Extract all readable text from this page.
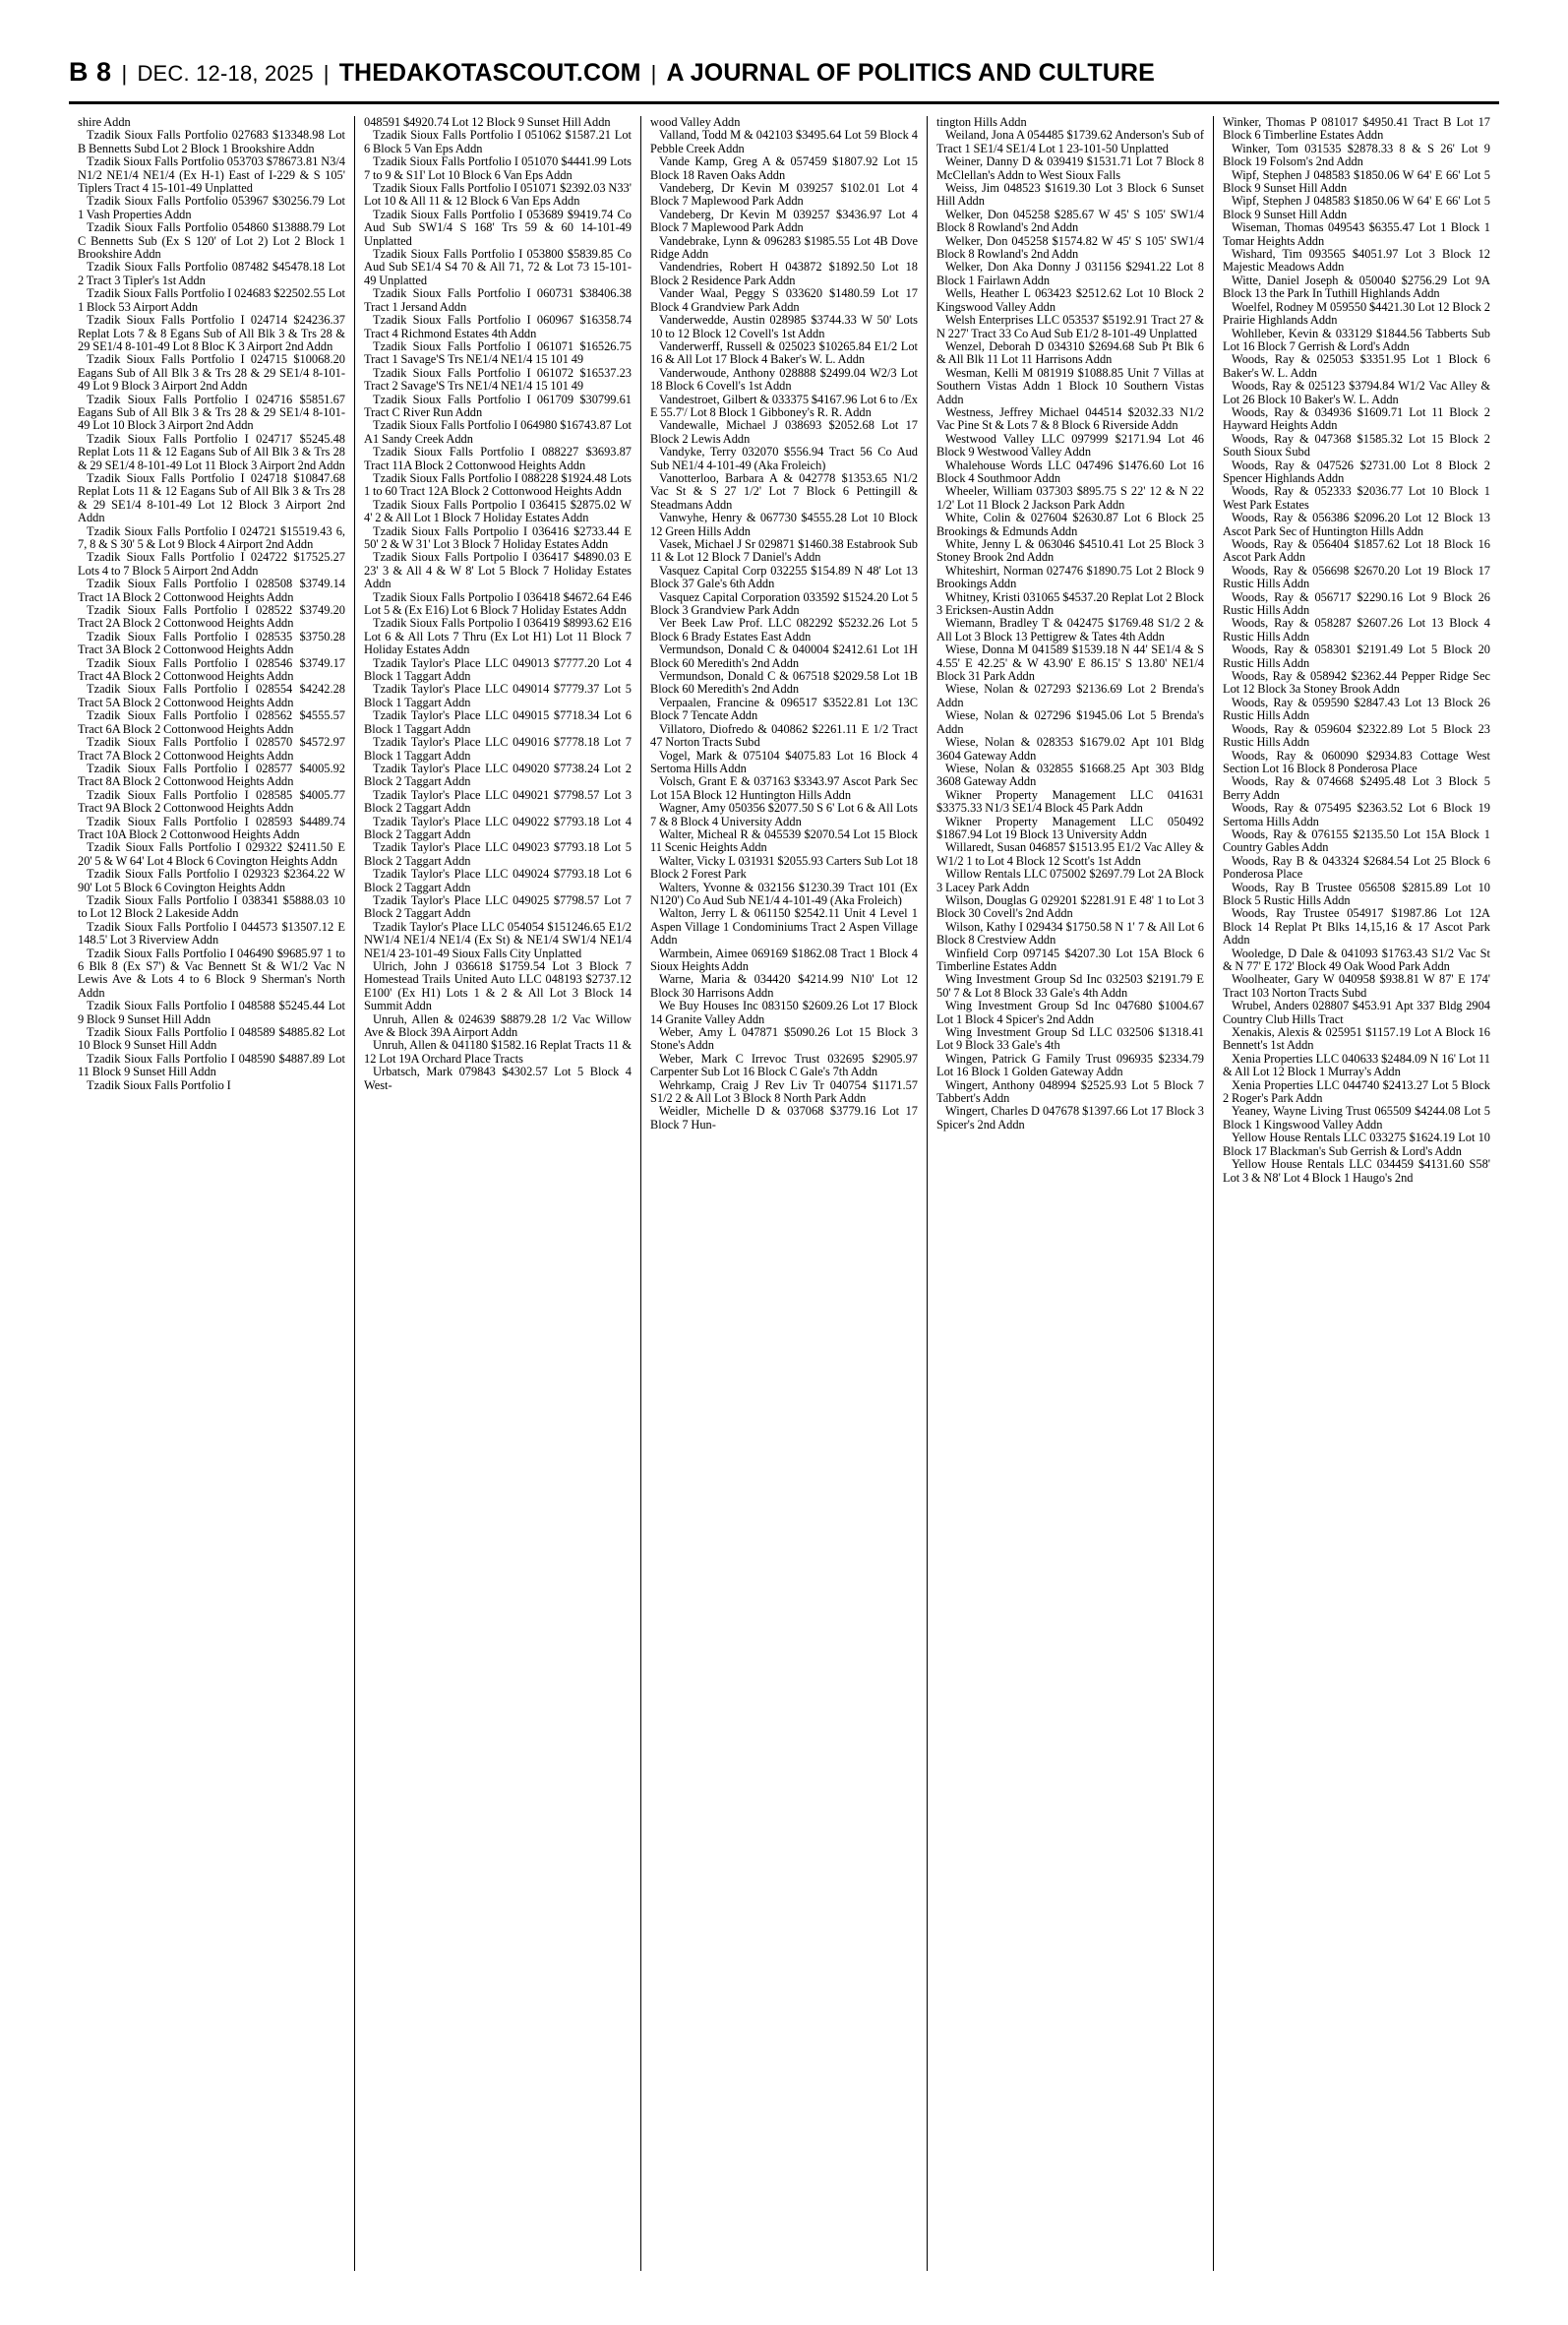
B 8 | DEC. 12-18, 2025 | THEDAKOTASCOUT.COM | A JOURNAL OF POLITICS AND CULTURE

shire Addn

Tzadik Sioux Falls Portfolio 027683 $13348.98 Lot B Bennetts Subd Lot 2 Block 1 Brookshire Addn

Tzadik Sioux Falls Portfolio 053703 $78673.81 N3/4 N1/2 NE1/4 NE1/4 (Ex H-1) East of I-229 & S 105' Tiplers Tract 4 15-101-49 Unplatted

Tzadik Sioux Falls Portfolio 053967 $30256.79 Lot 1 Vash Properties Addn

Tzadik Sioux Falls Portfolio 054860 $13888.79 Lot C Bennetts Sub (Ex S 120' of Lot 2) Lot 2 Block 1 Brookshire Addn

Tzadik Sioux Falls Portfolio 087482 $45478.18 Lot 2 Tract 3 Tipler's 1st Addn

Tzadik Sioux Falls Portfolio I 024683 $22502.55 Lot 1 Block 53 Airport Addn

Tzadik Sioux Falls Portfolio I 024714 $24236.37 Replat Lots 7 & 8 Egans Sub of All Blk 3 & Trs 28 & 29 SE1/4 8-101-49 Lot 8 Bloc K 3 Airport 2nd Addn

Tzadik Sioux Falls Portfolio I 024715 $10068.20 Eagans Sub of All Blk 3 & Trs 28 & 29 SE1/4 8-101-49 Lot 9 Block 3 Airport 2nd Addn

Tzadik Sioux Falls Portfolio I 024716 $5851.67 Eagans Sub of All Blk 3 & Trs 28 & 29 SE1/4 8-101-49 Lot 10 Block 3 Airport 2nd Addn

Tzadik Sioux Falls Portfolio I 024717 $5245.48 Replat Lots 11 & 12 Eagans Sub of All Blk 3 & Trs 28 & 29 SE1/4 8-101-49 Lot 11 Block 3 Airport 2nd Addn

Tzadik Sioux Falls Portfolio I 024718 $10847.68 Replat Lots 11 & 12 Eagans Sub of All Blk 3 & Trs 28 & 29 SE1/4 8-101-49 Lot 12 Block 3 Airport 2nd Addn

Tzadik Sioux Falls Portfolio I 024721 $15519.43 6, 7, 8 & S 30' 5 & Lot 9 Block 4 Airport 2nd Addn

Tzadik Sioux Falls Portfolio I 024722 $17525.27 Lots 4 to 7 Block 5 Airport 2nd Addn

Tzadik Sioux Falls Portfolio I 028508 $3749.14 Tract 1A Block 2 Cottonwood Heights Addn

Tzadik Sioux Falls Portfolio I 028522 $3749.20 Tract 2A Block 2 Cottonwood Heights Addn

Tzadik Sioux Falls Portfolio I 028535 $3750.28 Tract 3A Block 2 Cottonwood Heights Addn

Tzadik Sioux Falls Portfolio I 028546 $3749.17 Tract 4A Block 2 Cottonwood Heights Addn

Tzadik Sioux Falls Portfolio I 028554 $4242.28 Tract 5A Block 2 Cottonwood Heights Addn

Tzadik Sioux Falls Portfolio I 028562 $4555.57 Tract 6A Block 2 Cottonwood Heights Addn

Tzadik Sioux Falls Portfolio I 028570 $4572.97 Tract 7A Block 2 Cottonwood Heights Addn

Tzadik Sioux Falls Portfolio I 028577 $4005.92 Tract 8A Block 2 Cottonwood Heights Addn

Tzadik Sioux Falls Portfolio I 028585 $4005.77 Tract 9A Block 2 Cottonwood Heights Addn

Tzadik Sioux Falls Portfolio I 028593 $4489.74 Tract 10A Block 2 Cottonwood Heights Addn

Tzadik Sioux Falls Portfolio I 029322 $2411.50 E 20' 5 & W 64' Lot 4 Block 6 Covington Heights Addn

Tzadik Sioux Falls Portfolio I 029323 $2364.22 W 90' Lot 5 Block 6 Covington Heights Addn

Tzadik Sioux Falls Portfolio I 038341 $5888.03 10 to Lot 12 Block 2 Lakeside Addn

Tzadik Sioux Falls Portfolio I 044573 $13507.12 E 148.5' Lot 3 Riverview Addn

Tzadik Sioux Falls Portfolio I 046490 $9685.97 1 to 6 Blk 8 (Ex S7') & Vac Bennett St & W1/2 Vac N Lewis Ave & Lots 4 to 6 Block 9 Sherman's North Addn

Tzadik Sioux Falls Portfolio I 048588 $5245.44 Lot 9 Block 9 Sunset Hill Addn

Tzadik Sioux Falls Portfolio I 048589 $4885.82 Lot 10 Block 9 Sunset Hill Addn

Tzadik Sioux Falls Portfolio I 048590 $4887.89 Lot 11 Block 9 Sunset Hill Addn

Tzadik Sioux Falls Portfolio I

048591 $4920.74 Lot 12 Block 9 Sunset Hill Addn

Tzadik Sioux Falls Portfolio I 051062 $1587.21 Lot 6 Block 5 Van Eps Addn

Tzadik Sioux Falls Portfolio I 051070 $4441.99 Lots 7 to 9 & S1I' Lot 10 Block 6 Van Eps Addn

Tzadik Sioux Falls Portfolio I 051071 $2392.03 N33' Lot 10 & All 11 & 12 Block 6 Van Eps Addn

Tzadik Sioux Falls Portfolio I 053689 $9419.74 Co Aud Sub SW1/4 S 168' Trs 59 & 60 14-101-49 Unplatted

Tzadik Sioux Falls Portfolio I 053800 $5839.85 Co Aud Sub SE1/4 S4 70 & All 71, 72 & Lot 73 15-101-49 Unplatted

Tzadik Sioux Falls Portfolio I 060731 $38406.38 Tract 1 Jersand Addn

Tzadik Sioux Falls Portfolio I 060967 $16358.74 Tract 4 Richmond Estates 4th Addn

Tzadik Sioux Falls Portfolio I 061071 $16526.75 Tract 1 Savage'S Trs NE1/4 NE1/4 15 101 49

Tzadik Sioux Falls Portfolio I 061072 $16537.23 Tract 2 Savage'S Trs NE1/4 NE1/4 15 101 49

Tzadik Sioux Falls Portfolio I 061709 $30799.61 Tract C River Run Addn

Tzadik Sioux Falls Portfolio I 064980 $16743.87 Lot A1 Sandy Creek Addn

Tzadik Sioux Falls Portfolio I 088227 $3693.87 Tract 11A Block 2 Cottonwood Heights Addn

Tzadik Sioux Falls Portfolio I 088228 $1924.48 Lots 1 to 60 Tract 12A Block 2 Cottonwood Heights Addn

Tzadik Sioux Falls Portpolio I 036415 $2875.02 W 4' 2 & All Lot 1 Block 7 Holiday Estates Addn

Tzadik Sioux Falls Portpolio I 036416 $2733.44 E 50' 2 & W 31' Lot 3 Block 7 Holiday Estates Addn

Tzadik Sioux Falls Portpolio I 036417 $4890.03 E 23' 3 & All 4 & W 8' Lot 5 Block 7 Holiday Estates Addn

Tzadik Sioux Falls Portpolio I 036418 $4672.64 E46 Lot 5 & (Ex E16) Lot 6 Block 7 Holiday Estates Addn

Tzadik Sioux Falls Portpolio I 036419 $8993.62 E16 Lot 6 & All Lots 7 Thru (Ex Lot H1) Lot 11 Block 7 Holiday Estates Addn

Tzadik Taylor's Place LLC 049013 $7777.20 Lot 4 Block 1 Taggart Addn

Tzadik Taylor's Place LLC 049014 $7779.37 Lot 5 Block 1 Taggart Addn

Tzadik Taylor's Place LLC 049015 $7718.34 Lot 6 Block 1 Taggart Addn

Tzadik Taylor's Place LLC 049016 $7778.18 Lot 7 Block 1 Taggart Addn

Tzadik Taylor's Place LLC 049020 $7738.24 Lot 2 Block 2 Taggart Addn

Tzadik Taylor's Place LLC 049021 $7798.57 Lot 3 Block 2 Taggart Addn

Tzadik Taylor's Place LLC 049022 $7793.18 Lot 4 Block 2 Taggart Addn

Tzadik Taylor's Place LLC 049023 $7793.18 Lot 5 Block 2 Taggart Addn

Tzadik Taylor's Place LLC 049024 $7793.18 Lot 6 Block 2 Taggart Addn

Tzadik Taylor's Place LLC 049025 $7798.57 Lot 7 Block 2 Taggart Addn

Tzadik Taylor's Place LLC 054054 $151246.65 E1/2 NW1/4 NE1/4 NE1/4 (Ex St) & NE1/4 SW1/4 NE1/4 NE1/4 23-101-49 Sioux Falls City Unplatted

Ulrich, John J 036618 $1759.54 Lot 3 Block 7 Homestead Trails United Auto LLC 048193 $2737.12 E100' (Ex H1) Lots 1 & 2 & All Lot 3 Block 14 Summit Addn

Unruh, Allen & 024639 $8879.28 1/2 Vac Willow Ave & Block 39A Airport Addn

Unruh, Allen & 041180 $1582.16 Replat Tracts 11 & 12 Lot 19A Orchard Place Tracts

Urbatsch, Mark 079843 $4302.57 Lot 5 Block 4 West-

wood Valley Addn

Valland, Todd M & 042103 $3495.64 Lot 59 Block 4 Pebble Creek Addn

Vande Kamp, Greg A & 057459 $1807.92 Lot 15 Block 18 Raven Oaks Addn

Vandeberg, Dr Kevin M 039257 $102.01 Lot 4 Block 7 Maplewood Park Addn

Vandeberg, Dr Kevin M 039257 $3436.97 Lot 4 Block 7 Maplewood Park Addn

Vandebrake, Lynn & 096283 $1985.55 Lot 4B Dove Ridge Addn

Vandendries, Robert H 043872 $1892.50 Lot 18 Block 2 Residence Park Addn

Vander Waal, Peggy S 033620 $1480.59 Lot 17 Block 4 Grandview Park Addn

Vanderwedde, Austin 028985 $3744.33 W 50' Lots 10 to 12 Block 12 Covell's 1st Addn

Vanderwerff, Russell & 025023 $10265.84 E1/2 Lot 16 & All Lot 17 Block 4 Baker's W. L. Addn

Vanderwoude, Anthony 028888 $2499.04 W2/3 Lot 18 Block 6 Covell's 1st Addn

Vandestroet, Gilbert & 033375 $4167.96 Lot 6 to /Ex E 55.7'/ Lot 8 Block 1 Gibboney's R. R. Addn

Vandewalle, Michael J 038693 $2052.68 Lot 17 Block 2 Lewis Addn

Vandyke, Terry 032070 $556.94 Tract 56 Co Aud Sub NE1/4 4-101-49 (Aka Froleich)

Vanotterloo, Barbara A & 042778 $1353.65 N1/2 Vac St & S 27 1/2' Lot 7 Block 6 Pettingill & Steadmans Addn

Vanwyhe, Henry & 067730 $4555.28 Lot 10 Block 12 Green Hills Addn

Vasek, Michael J Sr 029871 $1460.38 Estabrook Sub 11 & Lot 12 Block 7 Daniel's Addn

Vasquez Capital Corp 032255 $154.89 N 48' Lot 13 Block 37 Gale's 6th Addn

Vasquez Capital Corporation 033592 $1524.20 Lot 5 Block 3 Grandview Park Addn

Ver Beek Law Prof. LLC 082292 $5232.26 Lot 5 Block 6 Brady Estates East Addn

Vermundson, Donald C & 040004 $2412.61 Lot 1H Block 60 Meredith's 2nd Addn

Vermundson, Donald C & 067518 $2029.58 Lot 1B Block 60 Meredith's 2nd Addn

Verpaalen, Francine & 096517 $3522.81 Lot 13C Block 7 Tencate Addn

Villatoro, Diofredo & 040862 $2261.11 E 1/2 Tract 47 Norton Tracts Subd

Vogel, Mark & 075104 $4075.83 Lot 16 Block 4 Sertoma Hills Addn

Volsch, Grant E & 037163 $3343.97 Ascot Park Sec Lot 15A Block 12 Huntington Hills Addn

Wagner, Amy 050356 $2077.50 S 6' Lot 6 & All Lots 7 & 8 Block 4 University Addn

Walter, Micheal R & 045539 $2070.54 Lot 15 Block 11 Scenic Heights Addn

Walter, Vicky L 031931 $2055.93 Carters Sub Lot 18 Block 2 Forest Park

Walters, Yvonne & 032156 $1230.39 Tract 101 (Ex N120') Co Aud Sub NE1/4 4-101-49 (Aka Froleich)

Walton, Jerry L & 061150 $2542.11 Unit 4 Level 1 Aspen Village 1 Condominiums Tract 2 Aspen Village Addn

Warmbein, Aimee 069169 $1862.08 Tract 1 Block 4 Sioux Heights Addn

Warne, Maria & 034420 $4214.99 N10' Lot 12 Block 30 Harrisons Addn

We Buy Houses Inc 083150 $2609.26 Lot 17 Block 14 Granite Valley Addn

Weber, Amy L 047871 $5090.26 Lot 15 Block 3 Stone's Addn

Weber, Mark C Irrevoc Trust 032695 $2905.97 Carpenter Sub Lot 16 Block C Gale's 7th Addn

Wehrkamp, Craig J Rev Liv Tr 040754 $1171.57 S1/2 2 & All Lot 3 Block 8 North Park Addn

Weidler, Michelle D & 037068 $3779.16 Lot 17 Block 7 Hun-

tington Hills Addn

Weiland, Jona A 054485 $1739.62 Anderson's Sub of Tract 1 SE1/4 SE1/4 Lot 1 23-101-50 Unplatted

Weiner, Danny D & 039419 $1531.71 Lot 7 Block 8 McClellan's Addn to West Sioux Falls

Weiss, Jim 048523 $1619.30 Lot 3 Block 6 Sunset Hill Addn

Welker, Don 045258 $285.67 W 45' S 105' SW1/4 Block 8 Rowland's 2nd Addn

Welker, Don 045258 $1574.82 W 45' S 105' SW1/4 Block 8 Rowland's 2nd Addn

Welker, Don Aka Donny J 031156 $2941.22 Lot 8 Block 1 Fairlawn Addn

Wells, Heather L 063423 $2512.62 Lot 10 Block 2 Kingswood Valley Addn

Welsh Enterprises LLC 053537 $5192.91 Tract 27 & N 227' Tract 33 Co Aud Sub E1/2 8-101-49 Unplatted

Wenzel, Deborah D 034310 $2694.68 Sub Pt Blk 6 & All Blk 11 Lot 11 Harrisons Addn

Wesman, Kelli M 081919 $1088.85 Unit 7 Villas at Southern Vistas Addn 1 Block 10 Southern Vistas Addn

Westness, Jeffrey Michael 044514 $2032.33 N1/2 Vac Pine St & Lots 7 & 8 Block 6 Riverside Addn

Westwood Valley LLC 097999 $2171.94 Lot 46 Block 9 Westwood Valley Addn

Whalehouse Words LLC 047496 $1476.60 Lot 16 Block 4 Southmoor Addn

Wheeler, William 037303 $895.75 S 22' 12 & N 22 1/2' Lot 11 Block 2 Jackson Park Addn

White, Colin & 027604 $2630.87 Lot 6 Block 25 Brookings & Edmunds Addn

White, Jenny L & 063046 $4510.41 Lot 25 Block 3 Stoney Brook 2nd Addn

Whiteshirt, Norman 027476 $1890.75 Lot 2 Block 9 Brookings Addn

Whitney, Kristi 031065 $4537.20 Replat Lot 2 Block 3 Ericksen-Austin Addn

Wiemann, Bradley T & 042475 $1769.48 S1/2 2 & All Lot 3 Block 13 Pettigrew & Tates 4th Addn

Wiese, Donna M 041589 $1539.18 N 44' SE1/4 & S 4.55' E 42.25' & W 43.90' E 86.15' S 13.80' NE1/4 Block 31 Park Addn

Wiese, Nolan & 027293 $2136.69 Lot 2 Brenda's Addn

Wiese, Nolan & 027296 $1945.06 Lot 5 Brenda's Addn

Wiese, Nolan & 028353 $1679.02 Apt 101 Bldg 3604 Gateway Addn

Wiese, Nolan & 032855 $1668.25 Apt 303 Bldg 3608 Gateway Addn

Wikner Property Management LLC 041631 $3375.33 N1/3 SE1/4 Block 45 Park Addn

Wikner Property Management LLC 050492 $1867.94 Lot 19 Block 13 University Addn

Willaredt, Susan 046857 $1513.95 E1/2 Vac Alley & W1/2 1 to Lot 4 Block 12 Scott's 1st Addn

Willow Rentals LLC 075002 $2697.79 Lot 2A Block 3 Lacey Park Addn

Wilson, Douglas G 029201 $2281.91 E 48' 1 to Lot 3 Block 30 Covell's 2nd Addn

Wilson, Kathy I 029434 $1750.58 N 1' 7 & All Lot 6 Block 8 Crestview Addn

Winfield Corp 097145 $4207.30 Lot 15A Block 6 Timberline Estates Addn

Wing Investment Group Sd Inc 032503 $2191.79 E 50' 7 & Lot 8 Block 33 Gale's 4th Addn

Wing Investment Group Sd Inc 047680 $1004.67 Lot 1 Block 4 Spicer's 2nd Addn

Wing Investment Group Sd LLC 032506 $1318.41 Lot 9 Block 33 Gale's 4th

Wingen, Patrick G Family Trust 096935 $2334.79 Lot 16 Block 1 Golden Gateway Addn

Wingert, Anthony 048994 $2525.93 Lot 5 Block 7 Tabbert's Addn

Wingert, Charles D 047678 $1397.66 Lot 17 Block 3 Spicer's 2nd Addn

Winker, Thomas P 081017 $4950.41 Tract B Lot 17 Block 6 Timberline Estates Addn

Winker, Tom 031535 $2878.33 8 & S 26' Lot 9 Block 19 Folsom's 2nd Addn

Wipf, Stephen J 048583 $1850.06 W 64' E 66' Lot 5 Block 9 Sunset Hill Addn

Wipf, Stephen J 048583 $1850.06 W 64' E 66' Lot 5 Block 9 Sunset Hill Addn

Wiseman, Thomas 049543 $6355.47 Lot 1 Block 1 Tomar Heights Addn

Wishard, Tim 093565 $4051.97 Lot 3 Block 12 Majestic Meadows Addn

Witte, Daniel Joseph & 050040 $2756.29 Lot 9A Block 13 the Park In Tuthill Highlands Addn

Woelfel, Rodney M 059550 $4421.30 Lot 12 Block 2 Prairie Highlands Addn

Wohlleber, Kevin & 033129 $1844.56 Tabberts Sub Lot 16 Block 7 Gerrish & Lord's Addn

Woods, Ray & 025053 $3351.95 Lot 1 Block 6 Baker's W. L. Addn

Woods, Ray & 025123 $3794.84 W1/2 Vac Alley & Lot 26 Block 10 Baker's W. L. Addn

Woods, Ray & 034936 $1609.71 Lot 11 Block 2 Hayward Heights Addn

Woods, Ray & 047368 $1585.32 Lot 15 Block 2 South Sioux Subd

Woods, Ray & 047526 $2731.00 Lot 8 Block 2 Spencer Highlands Addn

Woods, Ray & 052333 $2036.77 Lot 10 Block 1 West Park Estates

Woods, Ray & 056386 $2096.20 Lot 12 Block 13 Ascot Park Sec of Huntington Hills Addn

Woods, Ray & 056404 $1857.62 Lot 18 Block 16 Ascot Park Addn

Woods, Ray & 056698 $2670.20 Lot 19 Block 17 Rustic Hills Addn

Woods, Ray & 056717 $2290.16 Lot 9 Block 26 Rustic Hills Addn

Woods, Ray & 058287 $2607.26 Lot 13 Block 4 Rustic Hills Addn

Woods, Ray & 058301 $2191.49 Lot 5 Block 20 Rustic Hills Addn

Woods, Ray & 058942 $2362.44 Pepper Ridge Sec Lot 12 Block 3a Stoney Brook Addn

Woods, Ray & 059590 $2847.43 Lot 13 Block 26 Rustic Hills Addn

Woods, Ray & 059604 $2322.89 Lot 5 Block 23 Rustic Hills Addn

Woods, Ray & 060090 $2934.83 Cottage West Section Lot 16 Block 8 Ponderosa Place

Woods, Ray & 074668 $2495.48 Lot 3 Block 5 Berry Addn

Woods, Ray & 075495 $2363.52 Lot 6 Block 19 Sertoma Hills Addn

Woods, Ray & 076155 $2135.50 Lot 15A Block 1 Country Gables Addn

Woods, Ray B & 043324 $2684.54 Lot 25 Block 6 Ponderosa Place

Woods, Ray B Trustee 056508 $2815.89 Lot 10 Block 5 Rustic Hills Addn

Woods, Ray Trustee 054917 $1987.86 Lot 12A Block 14 Replat Pt Blks 14,15,16 & 17 Ascot Park Addn

Wooledge, D Dale & 041093 $1763.43 S1/2 Vac St & N 77' E 172' Block 49 Oak Wood Park Addn

Woolheater, Gary W 040958 $938.81 W 87' E 174' Tract 103 Norton Tracts Subd

Wrubel, Anders 028807 $453.91 Apt 337 Bldg 2904 Country Club Hills Tract

Xenakis, Alexis & 025951 $1157.19 Lot A Block 16 Bennett's 1st Addn

Xenia Properties LLC 040633 $2484.09 N 16' Lot 11 & All Lot 12 Block 1 Murray's Addn

Xenia Properties LLC 044740 $2413.27 Lot 5 Block 2 Roger's Park Addn

Yeaney, Wayne Living Trust 065509 $4244.08 Lot 5 Block 1 Kingswood Valley Addn

Yellow House Rentals LLC 033275 $1624.19 Lot 10 Block 17 Blackman's Sub Gerrish & Lord's Addn

Yellow House Rentals LLC 034459 $4131.60 S58' Lot 3 & N8' Lot 4 Block 1 Haugo's 2nd
